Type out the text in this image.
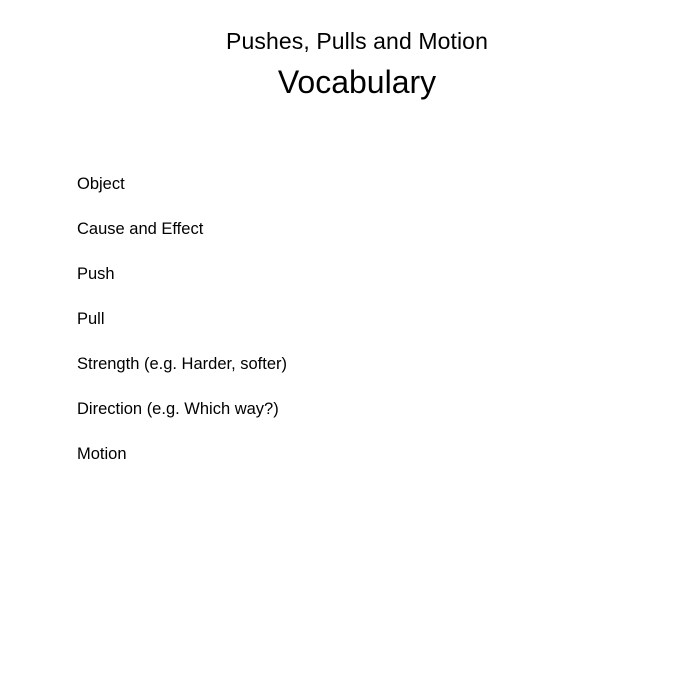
Pushes, Pulls and Motion
Vocabulary
Object
Cause and Effect
Push
Pull
Strength (e.g. Harder, softer)
Direction (e.g. Which way?)
Motion
